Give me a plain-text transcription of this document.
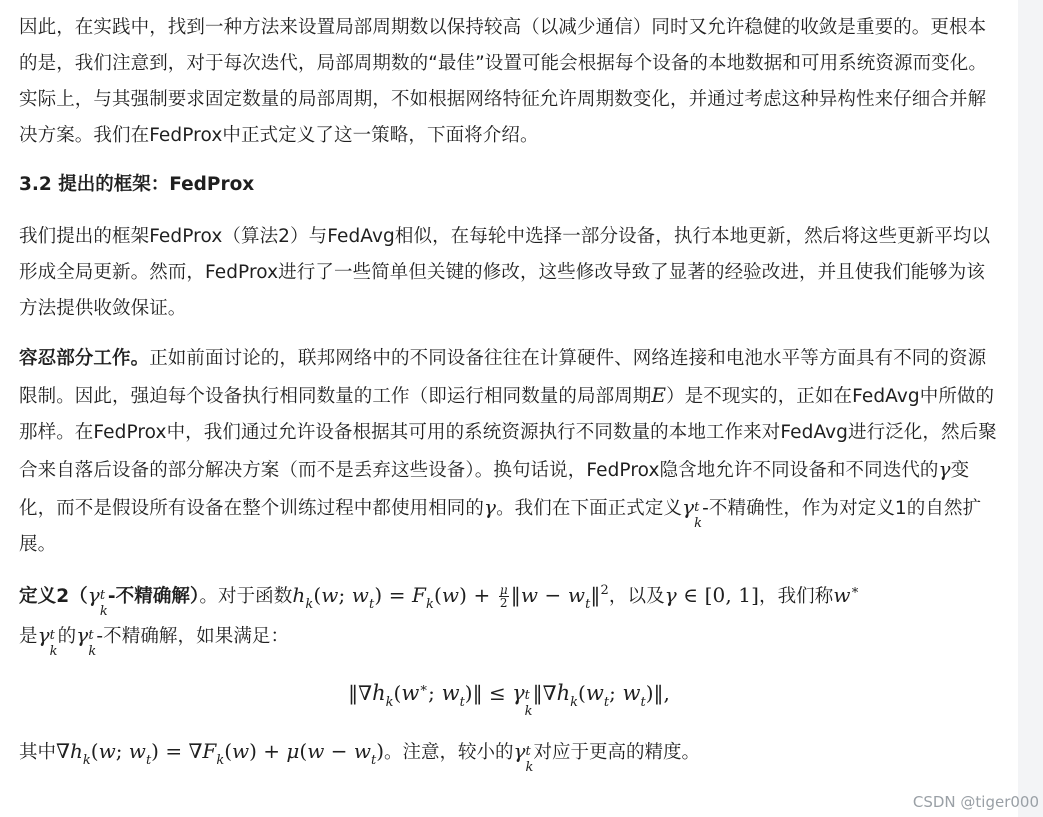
因此，在实践中，找到一种方法来设置局部周期数以保持较高（以减少通信）同时又允许稳健的收敛是重要的。更根本的是，我们注意到，对于每次迭代，局部周期数的“最佳”设置可能会根据每个设备的本地数据和可用系统资源而变化。实际上，与其强制要求固定数量的局部周期，不如根据网络特征允许周期数变化，并通过考虑这种异构性来仔细合并解决方案。我们在FedProx中正式定义了这一策略，下面将介绍。

3.2 提出的框架：FedProx

我们提出的框架FedProx（算法2）与FedAvg相似，在每轮中选择一部分设备，执行本地更新，然后将这些更新平均以形成全局更新。然而，FedProx进行了一些简单但关键的修改，这些修改导致了显著的经验改进，并且使我们能够为该方法提供收敛保证。

容忍部分工作。正如前面讨论的，联邦网络中的不同设备往往在计算硬件、网络连接和电池水平等方面具有不同的资源限制。因此，强迫每个设备执行相同数量的工作（即运行相同数量的局部周期E）是不现实的，正如在FedAvg中所做的那样。在FedProx中，我们通过允许设备根据其可用的系统资源执行不同数量的本地工作来对FedAvg进行泛化，然后聚合来自落后设备的部分解决方案（而不是丢弃这些设备）。换句话说，FedProx隐含地允许不同设备和不同迭代的γ变化，而不是假设所有设备在整个训练过程中都使用相同的γ。我们在下面正式定义γ t
k
-不精确性，作为对定义1的自然扩展。

定义2（γ t
k
-不精确解）。对于函数$h_k(w$; $w_t) = F_k(w) + \frac{\mu}{2}$ ‖w − $w_t‖^2$，以及γ ∈ [0, 1]，我们称w∗
是γ t
k
的γ t
k
-不精确解，如果满足：

$‖\nabla h_k(w^∗$; $w_t)‖ \le \gamma$ t
k
$‖\nabla h_k(w_t$; $w_t)‖$,

其中$\nabla h_k(w$; $w_t) = \nabla F_k(w) + \mu(w - w_t)$。注意，较小的γ t
k
对应于更高的精度。

CSDN @tiger000
